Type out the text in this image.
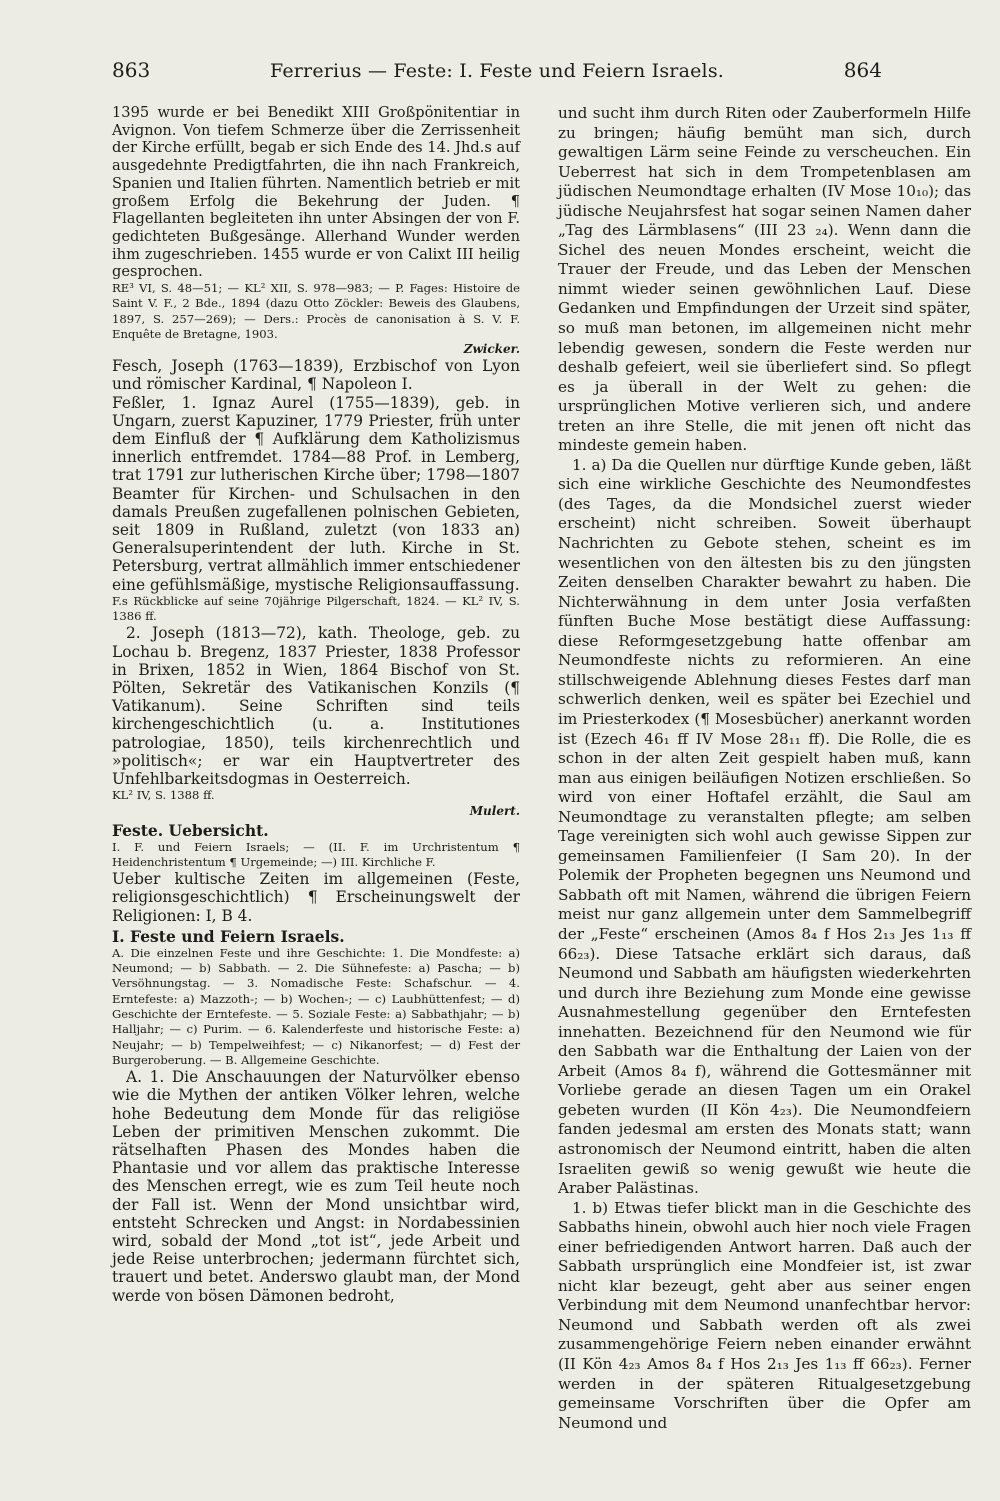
863	Ferrerius — Feste: I. Feste und Feiern Israels.	864

1395 wurde er bei Benedikt XIII Großpönitentiar in Avignon. Von tiefem Schmerze über die Zerrissenheit der Kirche erfüllt, begab er sich Ende des 14. Jhd.s auf ausgedehnte Predigtfahrten, die ihn nach Frankreich, Spanien und Italien führten. Namentlich betrieb er mit großem Erfolg die Bekehrung der Juden. ¶ Flagellanten begleiteten ihn unter Absingen der von F. gedichteten Bußgesänge. Allerhand Wunder werden ihm zugeschrieben. 1455 wurde er von Calixt III heilig gesprochen.

RE³ VI, S. 48—51; — KL² XII, S. 978—983; — P. Fages: Histoire de Saint V. F., 2 Bde., 1894 (dazu Otto Zöckler: Beweis des Glaubens, 1897, S. 257—269); — Ders.: Procès de canonisation à S. V. F. Enquête de Bretagne, 1903.

Zwicker.

Fesch, Joseph (1763—1839), Erzbischof von Lyon und römischer Kardinal, ¶ Napoleon I.

Feßler, 1. Ignaz Aurel (1755—1839), geb. in Ungarn, zuerst Kapuziner, 1779 Priester, früh unter dem Einfluß der ¶ Aufklärung dem Katholizismus innerlich entfremdet. 1784—88 Prof. in Lemberg, trat 1791 zur lutherischen Kirche über; 1798—1807 Beamter für Kirchen- und Schulsachen in den damals Preußen zugefallenen polnischen Gebieten, seit 1809 in Rußland, zuletzt (von 1833 an) Generalsuperintendent der luth. Kirche in St. Petersburg, vertrat allmählich immer entschiedener eine gefühlsmäßige, mystische Religionsauffassung.

F.s Rückblicke auf seine 70jährige Pilgerschaft, 1824. — KL² IV, S. 1386 ff.

2. Joseph (1813—72), kath. Theologe, geb. zu Lochau b. Bregenz, 1837 Priester, 1838 Professor in Brixen, 1852 in Wien, 1864 Bischof von St. Pölten, Sekretär des Vatikanischen Konzils (¶ Vatikanum). Seine Schriften sind teils kirchengeschichtlich (u. a. Institutiones patrologiae, 1850), teils kirchenrechtlich und »politisch«; er war ein Hauptvertreter des Unfehlbarkeitsdogmas in Oesterreich.

KL² IV, S. 1388 ff.

Mulert.

Feste. Uebersicht.

I. F. und Feiern Israels; — (II. F. im Urchristentum ¶ Heidenchristentum ¶ Urgemeinde; —) III. Kirchliche F.

Ueber kultische Zeiten im allgemeinen (Feste, religionsgeschichtlich) ¶ Erscheinungswelt der Religionen: I, B 4.

I. Feste und Feiern Israels.

A. Die einzelnen Feste und ihre Geschichte: 1. Die Mondfeste: a) Neumond; — b) Sabbath. — 2. Die Sühnefeste: a) Pascha; — b) Versöhnungstag. — 3. Nomadische Feste: Schafschur. — 4. Erntefeste: a) Mazzoth-; — b) Wochen-; — c) Laubhüttenfest; — d) Geschichte der Erntefeste. — 5. Soziale Feste: a) Sabbathjahr; — b) Halljahr; — c) Purim. — 6. Kalenderfeste und historische Feste: a) Neujahr; — b) Tempelweihfest; — c) Nikanorfest; — d) Fest der Burgeroberung. — B. Allgemeine Geschichte.

A. 1. Die Anschauungen der Naturvölker ebenso wie die Mythen der antiken Völker lehren, welche hohe Bedeutung dem Monde für das religiöse Leben der primitiven Menschen zukommt. Die rätselhaften Phasen des Mondes haben die Phantasie und vor allem das praktische Interesse des Menschen erregt, wie es zum Teil heute noch der Fall ist. Wenn der Mond unsichtbar wird, entsteht Schrecken und Angst: in Nordabessinien wird, sobald der Mond „tot ist“, jede Arbeit und jede Reise unterbrochen; jedermann fürchtet sich, trauert und betet. Anderswo glaubt man, der Mond werde von bösen Dämonen bedroht,

und sucht ihm durch Riten oder Zauberformeln Hilfe zu bringen; häufig bemüht man sich, durch gewaltigen Lärm seine Feinde zu verscheuchen. Ein Ueberrest hat sich in dem Trompetenblasen am jüdischen Neumondtage erhalten (IV Mose 10₁₀); das jüdische Neujahrsfest hat sogar seinen Namen daher „Tag des Lärmblasens“ (III 23 ₂₄). Wenn dann die Sichel des neuen Mondes erscheint, weicht die Trauer der Freude, und das Leben der Menschen nimmt wieder seinen gewöhnlichen Lauf. Diese Gedanken und Empfindungen der Urzeit sind später, so muß man betonen, im allgemeinen nicht mehr lebendig gewesen, sondern die Feste werden nur deshalb gefeiert, weil sie überliefert sind. So pflegt es ja überall in der Welt zu gehen: die ursprünglichen Motive verlieren sich, und andere treten an ihre Stelle, die mit jenen oft nicht das mindeste gemein haben.

1. a) Da die Quellen nur dürftige Kunde geben, läßt sich eine wirkliche Geschichte des Neumondfestes (des Tages, da die Mondsichel zuerst wieder erscheint) nicht schreiben. Soweit überhaupt Nachrichten zu Gebote stehen, scheint es im wesentlichen von den ältesten bis zu den jüngsten Zeiten denselben Charakter bewahrt zu haben. Die Nichterwähnung in dem unter Josia verfaßten fünften Buche Mose bestätigt diese Auffassung: diese Reformgesetzgebung hatte offenbar am Neumondfeste nichts zu reformieren. An eine stillschweigende Ablehnung dieses Festes darf man schwerlich denken, weil es später bei Ezechiel und im Priesterkodex (¶ Mosesbücher) anerkannt worden ist (Ezech 46₁ ff IV Mose 28₁₁ ff). Die Rolle, die es schon in der alten Zeit gespielt haben muß, kann man aus einigen beiläufigen Notizen erschließen. So wird von einer Hoftafel erzählt, die Saul am Neumondtage zu veranstalten pflegte; am selben Tage vereinigten sich wohl auch gewisse Sippen zur gemeinsamen Familienfeier (I Sam 20). In der Polemik der Propheten begegnen uns Neumond und Sabbath oft mit Namen, während die übrigen Feiern meist nur ganz allgemein unter dem Sammelbegriff der „Feste“ erscheinen (Amos 8₄ f Hos 2₁₃ Jes 1₁₃ ff 66₂₃). Diese Tatsache erklärt sich daraus, daß Neumond und Sabbath am häufigsten wiederkehrten und durch ihre Beziehung zum Monde eine gewisse Ausnahmestellung gegenüber den Erntefesten innehatten. Bezeichnend für den Neumond wie für den Sabbath war die Enthaltung der Laien von der Arbeit (Amos 8₄ f), während die Gottesmänner mit Vorliebe gerade an diesen Tagen um ein Orakel gebeten wurden (II Kön 4₂₃). Die Neumondfeiern fanden jedesmal am ersten des Monats statt; wann astronomisch der Neumond eintritt, haben die alten Israeliten gewiß so wenig gewußt wie heute die Araber Palästinas.

1. b) Etwas tiefer blickt man in die Geschichte des Sabbaths hinein, obwohl auch hier noch viele Fragen einer befriedigenden Antwort harren. Daß auch der Sabbath ursprünglich eine Mondfeier ist, ist zwar nicht klar bezeugt, geht aber aus seiner engen Verbindung mit dem Neumond unanfechtbar hervor: Neumond und Sabbath werden oft als zwei zusammengehörige Feiern neben einander erwähnt (II Kön 4₂₃ Amos 8₄ f Hos 2₁₃ Jes 1₁₃ ff 66₂₃). Ferner werden in der späteren Ritualgesetzgebung gemeinsame Vorschriften über die Opfer am Neumond und
